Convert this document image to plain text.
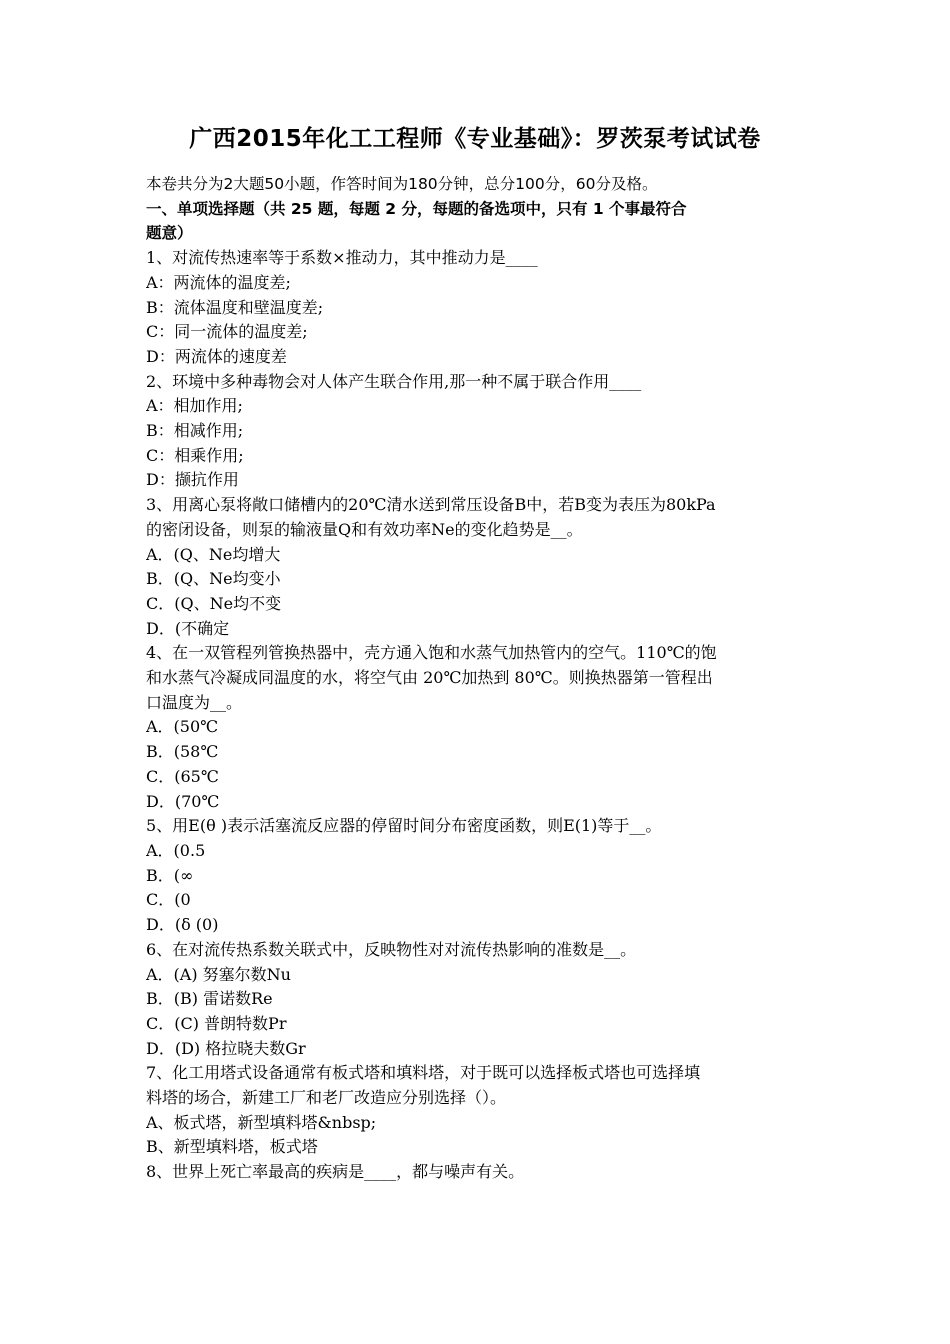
广西2015年化工工程师《专业基础》：罗茨泵考试试卷
本卷共分为2大题50小题，作答时间为180分钟，总分100分，60分及格。
一、单项选择题（共 25 题，每题 2 分，每题的备选项中，只有 1 个事最符合
题意）
1、对流传热速率等于系数×推动力，其中推动力是____
A：两流体的温度差;
B：流体温度和壁温度差;
C：同一流体的温度差;
D：两流体的速度差
2、环境中多种毒物会对人体产生联合作用,那一种不属于联合作用____
A：相加作用;
B：相减作用;
C：相乘作用;
D：撷抗作用
3、用离心泵将敞口储槽内的20℃清水送到常压设备B中，若B变为表压为80kPa
的密闭设备，则泵的输液量Q和有效功率Ne的变化趋势是__。
A．(Q、Ne均增大
B．(Q、Ne均变小
C．(Q、Ne均不变
D．(不确定
4、在一双管程列管换热器中，壳方通入饱和水蒸气加热管内的空气。110℃的饱
和水蒸气冷凝成同温度的水，将空气由 20℃加热到 80℃。则换热器第一管程出
口温度为__。
A．(50℃
B．(58℃
C．(65℃
D．(70℃
5、用E(θ )表示活塞流反应器的停留时间分布密度函数，则E(1)等于__。
A．(0.5
B．(∞
C．(0
D．(δ (0)
6、在对流传热系数关联式中，反映物性对对流传热影响的准数是__。
A．(A) 努塞尔数Nu
B．(B) 雷诺数Re
C．(C) 普朗特数Pr
D．(D) 格拉晓夫数Gr
7、化工用塔式设备通常有板式塔和填料塔，对于既可以选择板式塔也可选择填
料塔的场合，新建工厂和老厂改造应分别选择（）。
A、板式塔，新型填料塔&nbsp;
B、新型填料塔，板式塔
8、世界上死亡率最高的疾病是____，都与噪声有关。
